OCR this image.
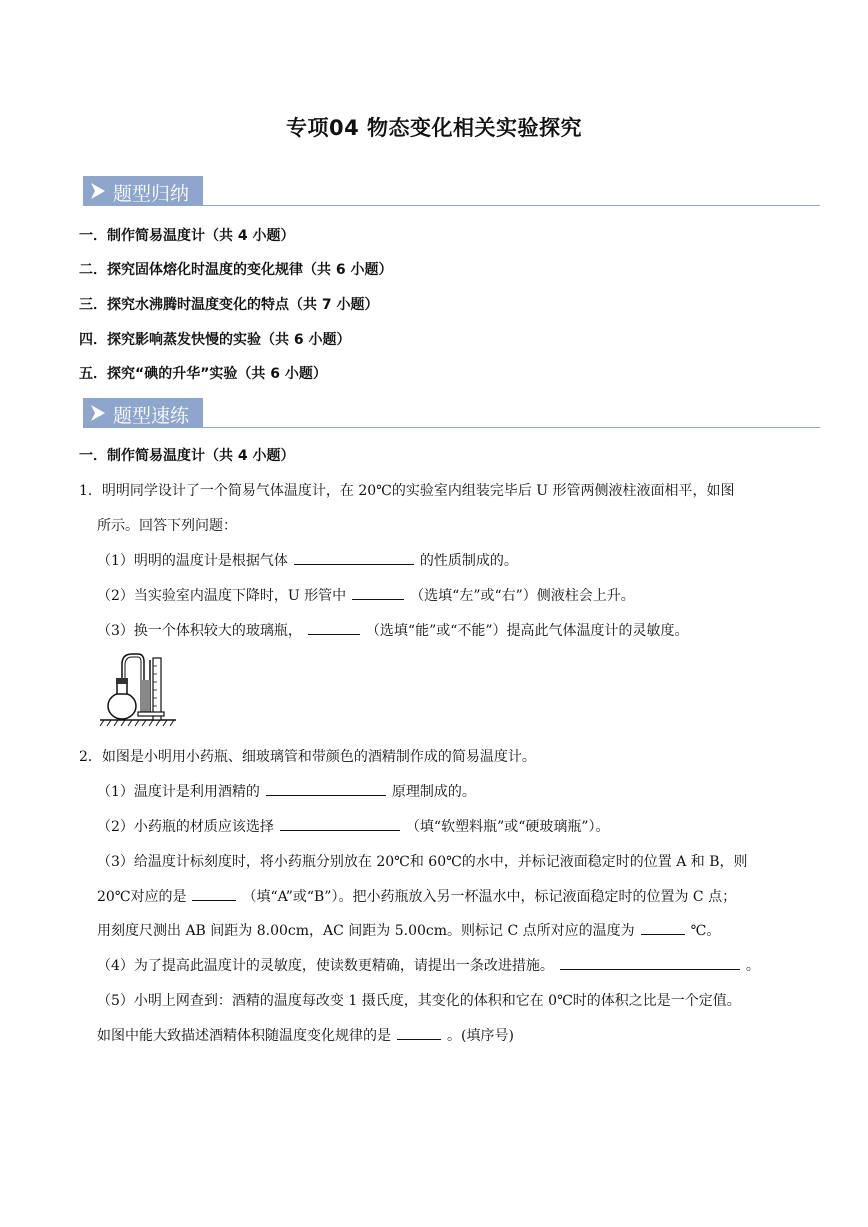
专项04 物态变化相关实验探究
题型归纳
一．制作简易温度计（共 4 小题）
二．探究固体熔化时温度的变化规律（共 6 小题）
三．探究水沸腾时温度变化的特点（共 7 小题）
四．探究影响蒸发快慢的实验（共 6 小题）
五．探究“碘的升华”实验（共 6 小题）
题型速练
一．制作简易温度计（共 4 小题）
1．明明同学设计了一个简易气体温度计，在 20℃的实验室内组装完毕后 U 形管两侧液柱液面相平，如图
所示。回答下列问题：
（1）明明的温度计是根据气体	的性质制成的。
（2）当实验室内温度下降时，U 形管中	（选填“左”或“右”）侧液柱会上升。
（3）换一个体积较大的玻璃瓶，	（选填“能”或“不能”）提高此气体温度计的灵敏度。
2．如图是小明用小药瓶、细玻璃管和带颜色的酒精制作成的简易温度计。
（1）温度计是利用酒精的	原理制成的。
（2）小药瓶的材质应该选择	（填“软塑料瓶”或“硬玻璃瓶”）。
（3）给温度计标刻度时，将小药瓶分别放在 20℃和 60℃的水中，并标记液面稳定时的位置 A 和 B，则
20℃对应的是	（填“A”或“B”）。把小药瓶放入另一杯温水中，标记液面稳定时的位置为 C 点；
用刻度尺测出 AB 间距为 8.00cm，AC 间距为 5.00cm。则标记 C 点所对应的温度为	℃。
（4）为了提高此温度计的灵敏度，使读数更精确，请提出一条改进措施。	。
（5）小明上网查到：酒精的温度每改变 1 摄氏度，其变化的体积和它在 0℃时的体积之比是一个定值。
如图中能大致描述酒精体积随温度变化规律的是	。(填序号)
